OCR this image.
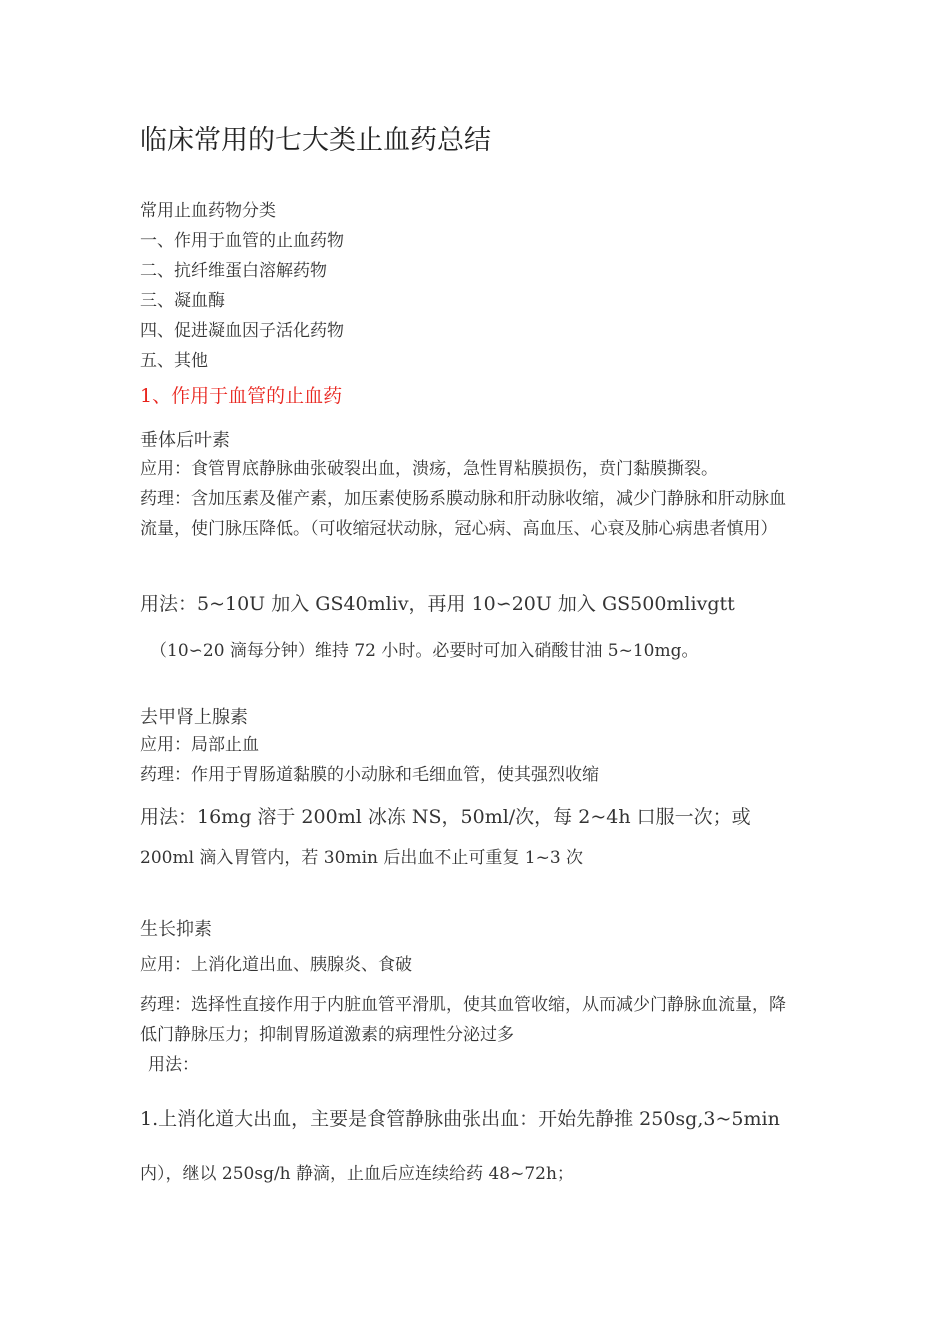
临床常用的七大类止血药总结
常用止血药物分类
一、作用于血管的止血药物
二、抗纤维蛋白溶解药物
三、凝血酶
四、促进凝血因子活化药物
五、其他
1、作用于血管的止血药
垂体后叶素
应用：食管胃底静脉曲张破裂出血，溃疡，急性胃粘膜损伤，贲门黏膜撕裂。
药理：含加压素及催产素，加压素使肠系膜动脉和肝动脉收缩，减少门静脉和肝动脉血流量，使门脉压降低。（可收缩冠状动脉，冠心病、高血压、心衰及肺心病患者慎用）
用法：5~10U 加入 GS40mliv，再用 10∽20U 加入 GS500mlivgtt
（10∽20 滴每分钟）维持 72 小时。必要时可加入硝酸甘油 5~10mg。
去甲肾上腺素
应用：局部止血
药理：作用于胃肠道黏膜的小动脉和毛细血管，使其强烈收缩
用法：16mg 溶于 200ml 冰冻 NS，50ml/次，每 2~4h 口服一次；或
200ml 滴入胃管内，若 30min 后出血不止可重复 1~3 次
生长抑素
应用：上消化道出血、胰腺炎、食破
药理：选择性直接作用于内脏血管平滑肌，使其血管收缩，从而减少门静脉血流量，降低门静脉压力；抑制胃肠道激素的病理性分泌过多
用法：
1.上消化道大出血，主要是食管静脉曲张出血：开始先静推 250sg,3~5min
内），继以 250sg/h 静滴，止血后应连续给药 48~72h；
